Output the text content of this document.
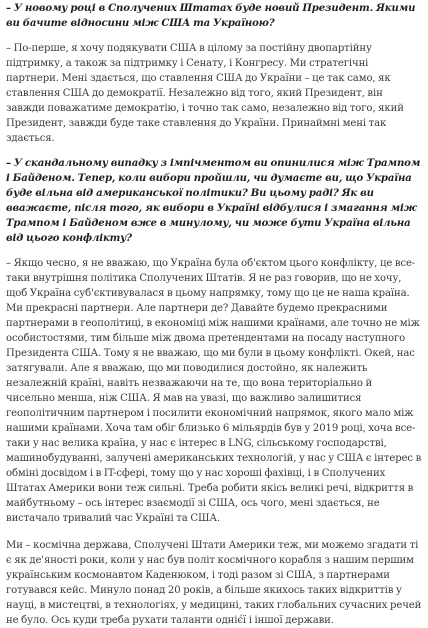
– У новому році в Сполучених Штатах буде новий Президент. Якими ви бачите відносини між США та Україною?

– По-перше, я хочу подякувати США в цілому за постійну двопартійну підтримку, а також за підтримку і Сенату, і Конгресу. Ми стратегічні партнери. Мені здається, що ставлення США до України – це так само, як ставлення США до демократії. Незалежно від того, який Президент, він завжди поважатиме демократію, і точно так само, незалежно від того, який Президент, завжди буде таке ставлення до України. Принаймні мені так здається.

– У скандальному випадку з імпічментом ви опинилися між Трампом і Байденом. Тепер, коли вибори пройшли, чи думаєте ви, що Україна буде вільна від американської політики? Ви цьому раді? Як ви вважаєте, після того, як вибори в Україні відбулися і змагання між Трампом і Байденом вже в минулому, чи може бути Україна вільна від цього конфлікту?

– Якщо чесно, я не вважаю, що Україна була об'єктом цього конфлікту, це все-таки внутрішня політика Сполучених Штатів. Я не раз говорив, що не хочу, щоб Україна суб'єктивувалася в цьому напрямку, тому що це не наша країна. Ми прекрасні партнери. Але партнери де? Давайте будемо прекрасними партнерами в геополітиці, в економіці між нашими країнами, але точно не між особистостями, тим більше між двома претендентами на посаду наступного Президента США. Тому я не вважаю, що ми були в цьому конфлікті. Окей, нас затягували. Але я вважаю, що ми поводилися достойно, як належить незалежній країні, навіть незважаючи на те, що вона територіально й чисельно менша, ніж США. Я мав на увазі, що важливо залишитися геополітичним партнером і посилити економічний напрямок, якого мало між нашими країнами. Хоча там обіг близько 6 мільярдів був у 2019 році, хоча все-таки у нас велика країна, у нас є інтерес в LNG, сільському господарстві, машинобудуванні, залучені американських технологій, у нас у США є інтерес в обміні досвідом і в IT-сфері, тому що у нас хороші фахівці, і в Сполучених Штатах Америки вони теж сильні. Треба робити якісь великі речі, відкриття в майбутньому – ось інтерес взаємодії зі США, ось чого, мені здається, не вистачало тривалий час Україні та США.

Ми – космічна держава, Сполучені Штати Америки теж, ми можемо згадати ті є як де'яності роки, коли у нас був політ космічного корабля з нашим першим українським космонавтом Каденюком, і тоді разом зі США, з партнерами готувався кейс. Минуло понад 20 років, а більше якихось таких відкриттів у науці, в мистецтві, в технологіях, у медицині, таких глобальних сучасних речей не було. Ось куди треба рухати таланти одніє́ї і іншої держави.
